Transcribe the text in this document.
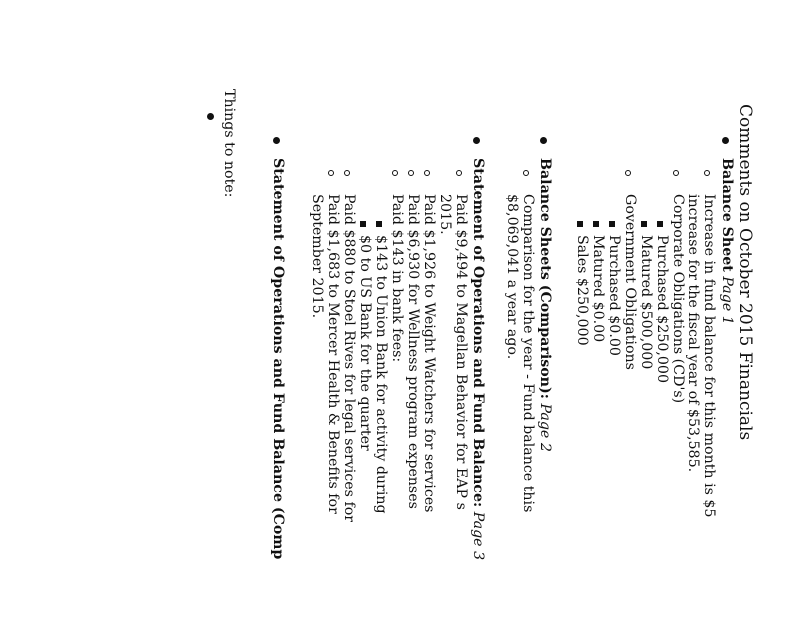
Comments on October 2015 Financials
Balance Sheet Page 1
Increase in fund balance for this month is $5
increase for the fiscal year of $53,585.
Corporate Obligations (CD's)
Purchased $250,000
Matured $500,000
Government Obligations
Purchased $0.00
Matured $0.00
Sales $250,000
Balance Sheets (Comparison): Page 2
Comparison for the year - Fund balance this
$8,069,041 a year ago.
Statement of Operations and Fund Balance: Page 3
Paid $9,494 to Magellan Behavior for EAP s
2015.
Paid $1,926 to Weight Watchers for services
Paid $6,930 for Wellness program expenses
Paid $143 in bank fees:
$143 to Union Bank for activity during
$0 to US Bank for the quarter
Paid $880 to Stoel Rives for legal services for
Paid $1,683 to Mercer Health & Benefits for
September 2015.
Statement of Operations and Fund Balance (Comp
Things to note:
